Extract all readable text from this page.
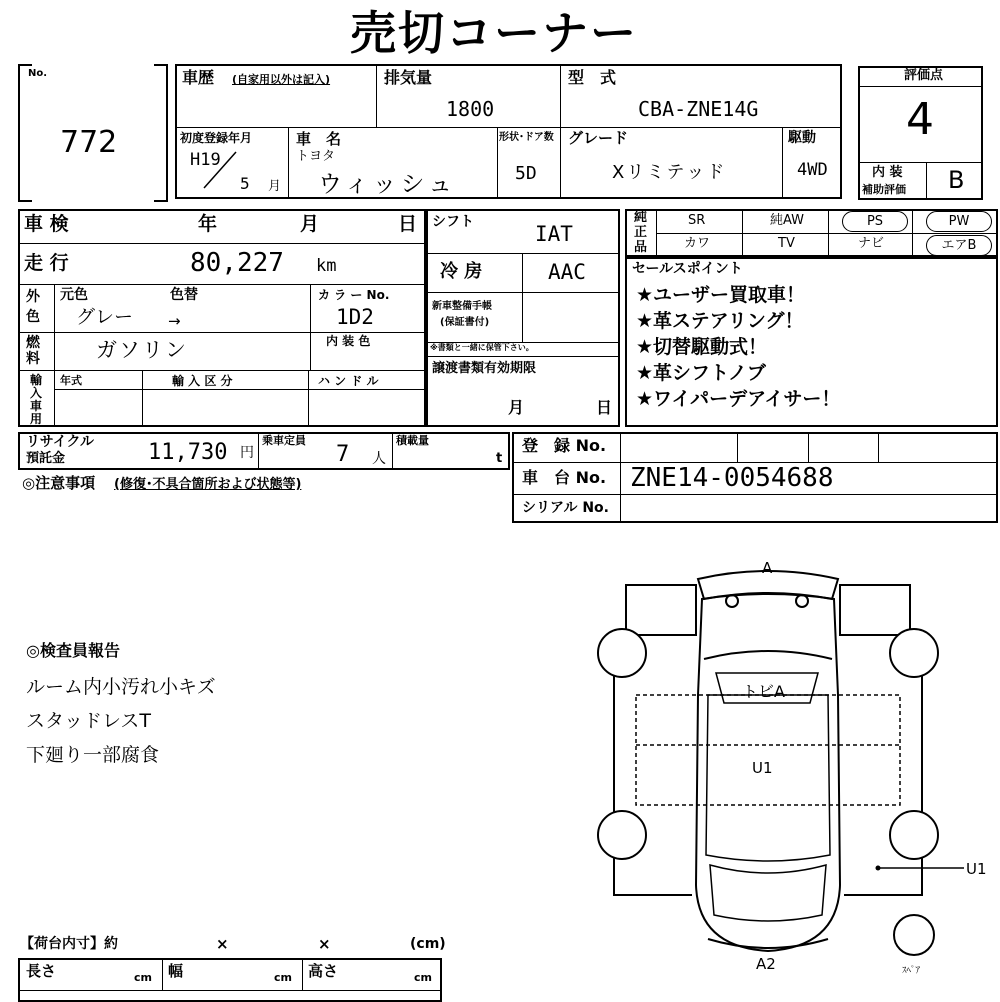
売切コーナー
No.
772
車歴 (自家用以外は記入)	排気量
1800
型　式
CBA-ZNE14G
初度登録年月
H19
5 月
車　名
トヨタ
ウィッシュ
形状･ドア数
5D
グレード
Xリミテッド
駆動
4WD
評価点
4
内 装
補助評価 B
車 検	年	月	日
走 行	80,227 km
外
色
元色	色替
グレー →
カ ラ ー No.
1D2
燃
料	ガソリン	内 装 色
輸入車用
年式	輸 入 区 分	ハ ン ド ル
シフト	IAT
冷 房	AAC
新車整備手帳
(保証書付)
※書類と一緒に保管下さい。
譲渡書類有効期限
月	日
純正品
SR	純AW	PS	PW
カワ	TV	ナビ	エアB
セールスポイント
★ユーザー買取車！
★革ステアリング！
★切替駆動式！
★革シフトノブ
★ワイパーデアイサー！
リサイクル
預託金	11,730 円
乗車定員
7 人
積載量
t
登　録 No.
車　台 No. ZNE14-0054688
シリアル No.
◎注意事項 (修復･不具合箇所および状態等)
◎検査員報告
ルーム内小汚れ小キズ
スタッドレスT
下廻り一部腐食
【荷台内寸】約	×	×	(cm)
長さ	cm 幅	cm 高さ	cm
A
トビA
U1
U1
A2	ｽﾍﾟｱ
